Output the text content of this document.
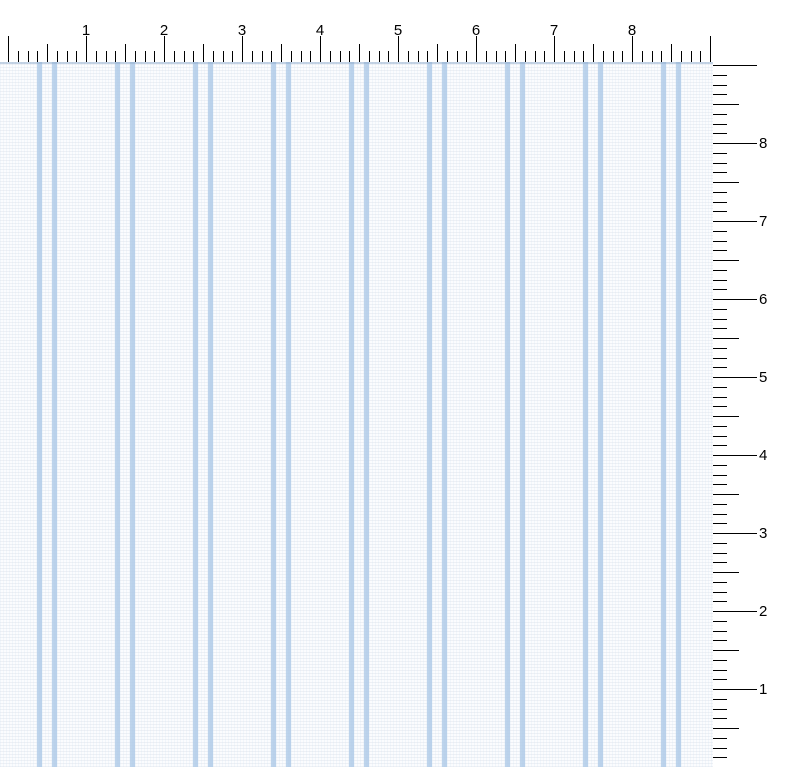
1	2	3	4	5	6	7	8
1
2
3
4
5
6
7
8
